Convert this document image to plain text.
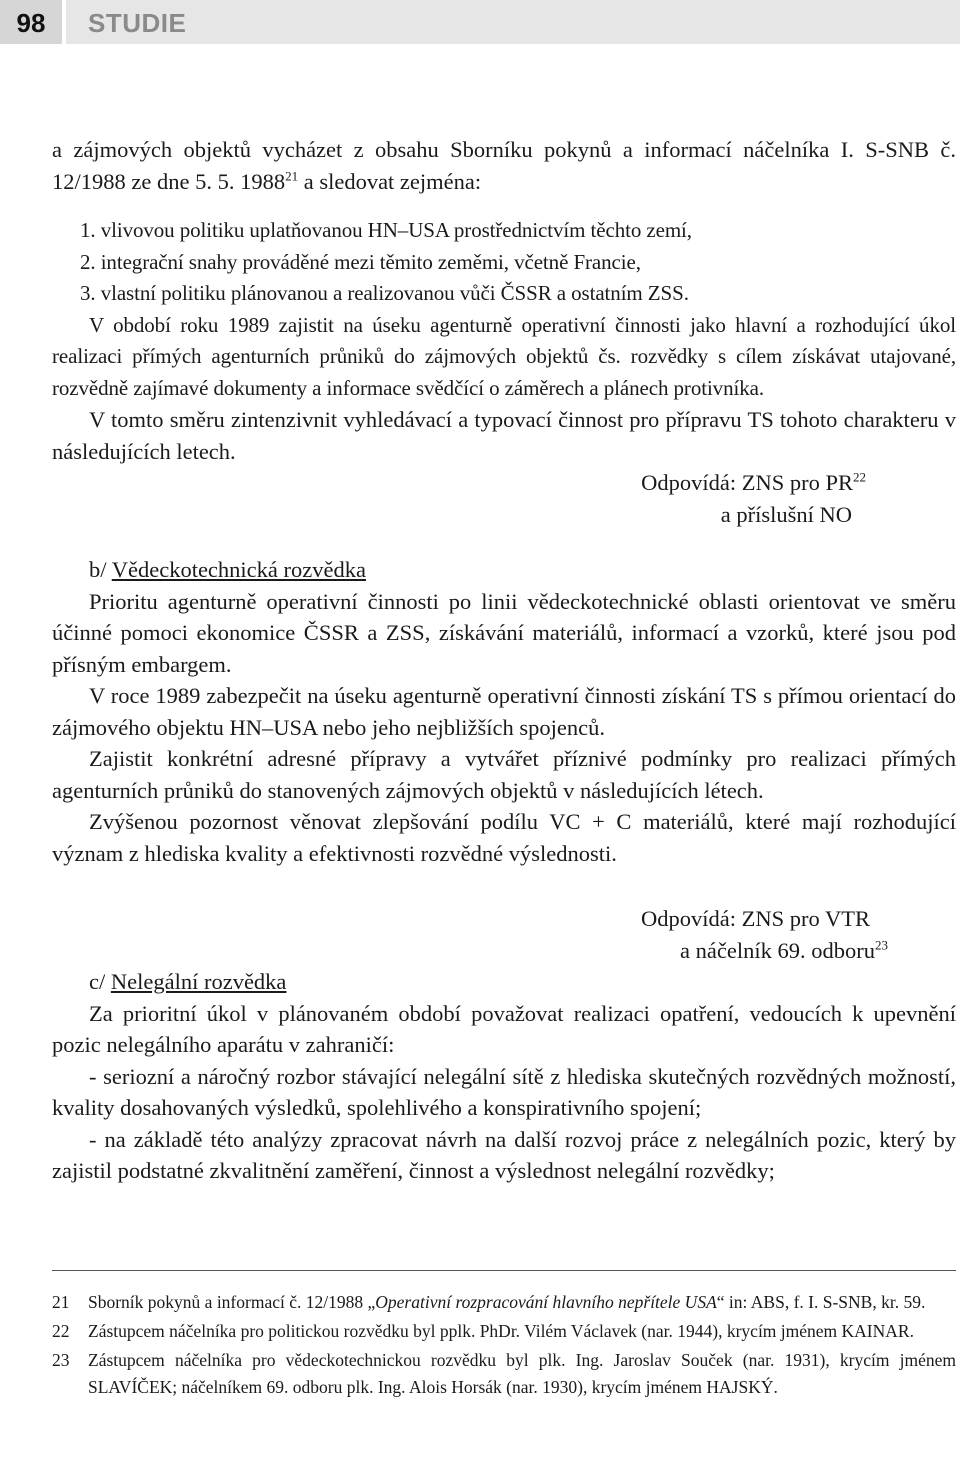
98	STUDIE

a zájmových objektů vycházet z obsahu Sborníku pokynů a informací náčelníka I. S-SNB č. 12/1988 ze dne 5. 5. 1988$^{21}$ a sledovat zejména:

1. vlivovou politiku uplatňovanou HN–USA prostřednictvím těchto zemí,
2. integrační snahy prováděné mezi těmito zeměmi, včetně Francie,
3. vlastní politiku plánovanou a realizovanou vůči ČSSR a ostatním ZSS.

V období roku 1989 zajistit na úseku agenturně operativní činnosti jako hlavní a rozhodující úkol realizaci přímých agenturních průniků do zájmových objektů čs. rozvědky s cílem získávat utajované, rozvědně zajímavé dokumenty a informace svědčící o záměrech a plánech protivníka.

V tomto směru zintenzivnit vyhledávací a typovací činnost pro přípravu TS tohoto charakteru v následujících letech.

Odpovídá: ZNS pro PR$^{22}$

a příslušní NO

b/ Vědeckotechnická rozvědka

Prioritu agenturně operativní činnosti po linii vědeckotechnické oblasti orientovat ve směru účinné pomoci ekonomice ČSSR a ZSS, získávání materiálů, informací a vzorků, které jsou pod přísným embargem.

V roce 1989 zabezpečit na úseku agenturně operativní činnosti získání TS s přímou orientací do zájmového objektu HN–USA nebo jeho nejbližších spojenců.

Zajistit konkrétní adresné přípravy a vytvářet příznivé podmínky pro realizaci přímých agenturních průniků do stanovených zájmových objektů v následujících létech.

Zvýšenou pozornost věnovat zlepšování podílu VC + C materiálů, které mají rozhodující význam z hlediska kvality a efektivnosti rozvědné výslednosti.

Odpovídá: ZNS pro VTR

a náčelník 69. odboru$^{23}$

c/ Nelegální rozvědka

Za prioritní úkol v plánovaném období považovat realizaci opatření, vedoucích k upevnění pozic nelegálního aparátu v zahraničí:

- seriozní a náročný rozbor stávající nelegální sítě z hlediska skutečných rozvědných možností, kvality dosahovaných výsledků, spolehlivého a konspirativního spojení;

- na základě této analýzy zpracovat návrh na další rozvoj práce z nelegálních pozic, který by zajistil podstatné zkvalitnění zaměření, činnost a výslednost nelegální rozvědky;

21	Sborník pokynů a informací č. 12/1988 „Operativní rozpracování hlavního nepřítele USA“ in: ABS, f. I. S-SNB, kr. 59.
22	Zástupcem náčelníka pro politickou rozvědku byl pplk. PhDr. Vilém Václavek (nar. 1944), krycím jménem KAINAR.
23	Zástupcem náčelníka pro vědeckotechnickou rozvědku byl plk. Ing. Jaroslav Souček (nar. 1931), krycím jménem SLAVÍČEK; náčelníkem 69. odboru plk. Ing. Alois Horsák (nar. 1930), krycím jménem HAJSKÝ.
